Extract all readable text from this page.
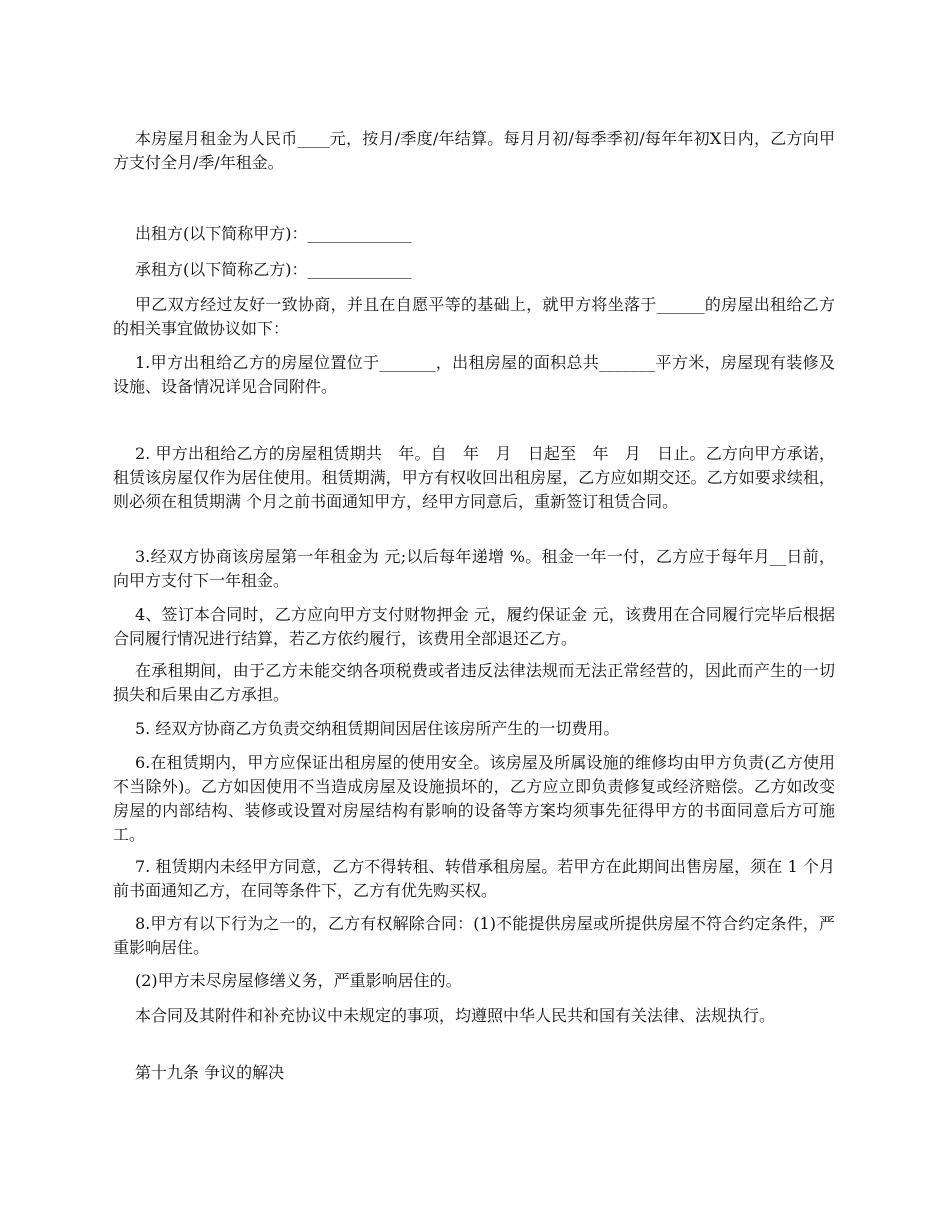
本房屋月租金为人民币____元，按月/季度/年结算。每月月初/每季季初/每年年初X日内，乙方向甲方支付全月/季/年租金。

出租方(以下简称甲方)：_____________

承租方(以下简称乙方)：_____________

甲乙双方经过友好一致协商，并且在自愿平等的基础上，就甲方将坐落于______的房屋出租给乙方的相关事宜做协议如下：

1.甲方出租给乙方的房屋位置位于_______，出租房屋的面积总共_______平方米，房屋现有装修及设施、设备情况详见合同附件。

2. 甲方出租给乙方的房屋租赁期共　年。自　年　月　日起至　年　月　日止。乙方向甲方承诺，租赁该房屋仅作为居住使用。租赁期满，甲方有权收回出租房屋，乙方应如期交还。乙方如要求续租，则必须在租赁期满 个月之前书面通知甲方，经甲方同意后，重新签订租赁合同。

3.经双方协商该房屋第一年租金为 元;以后每年递增 %。租金一年一付，乙方应于每年月__日前，向甲方支付下一年租金。

4、签订本合同时，乙方应向甲方支付财物押金 元，履约保证金 元，该费用在合同履行完毕后根据合同履行情况进行结算，若乙方依约履行，该费用全部退还乙方。

在承租期间，由于乙方未能交纳各项税费或者违反法律法规而无法正常经营的，因此而产生的一切损失和后果由乙方承担。

5. 经双方协商乙方负责交纳租赁期间因居住该房所产生的一切费用。

6.在租赁期内，甲方应保证出租房屋的使用安全。该房屋及所属设施的维修均由甲方负责(乙方使用不当除外)。乙方如因使用不当造成房屋及设施损坏的，乙方应立即负责修复或经济赔偿。乙方如改变房屋的内部结构、装修或设置对房屋结构有影响的设备等方案均须事先征得甲方的书面同意后方可施工。

7. 租赁期内未经甲方同意，乙方不得转租、转借承租房屋。若甲方在此期间出售房屋，须在 1 个月前书面通知乙方，在同等条件下，乙方有优先购买权。

8.甲方有以下行为之一的，乙方有权解除合同：(1)不能提供房屋或所提供房屋不符合约定条件，严重影响居住。

(2)甲方未尽房屋修缮义务，严重影响居住的。

本合同及其附件和补充协议中未规定的事项，均遵照中华人民共和国有关法律、法规执行。

第十九条 争议的解决
